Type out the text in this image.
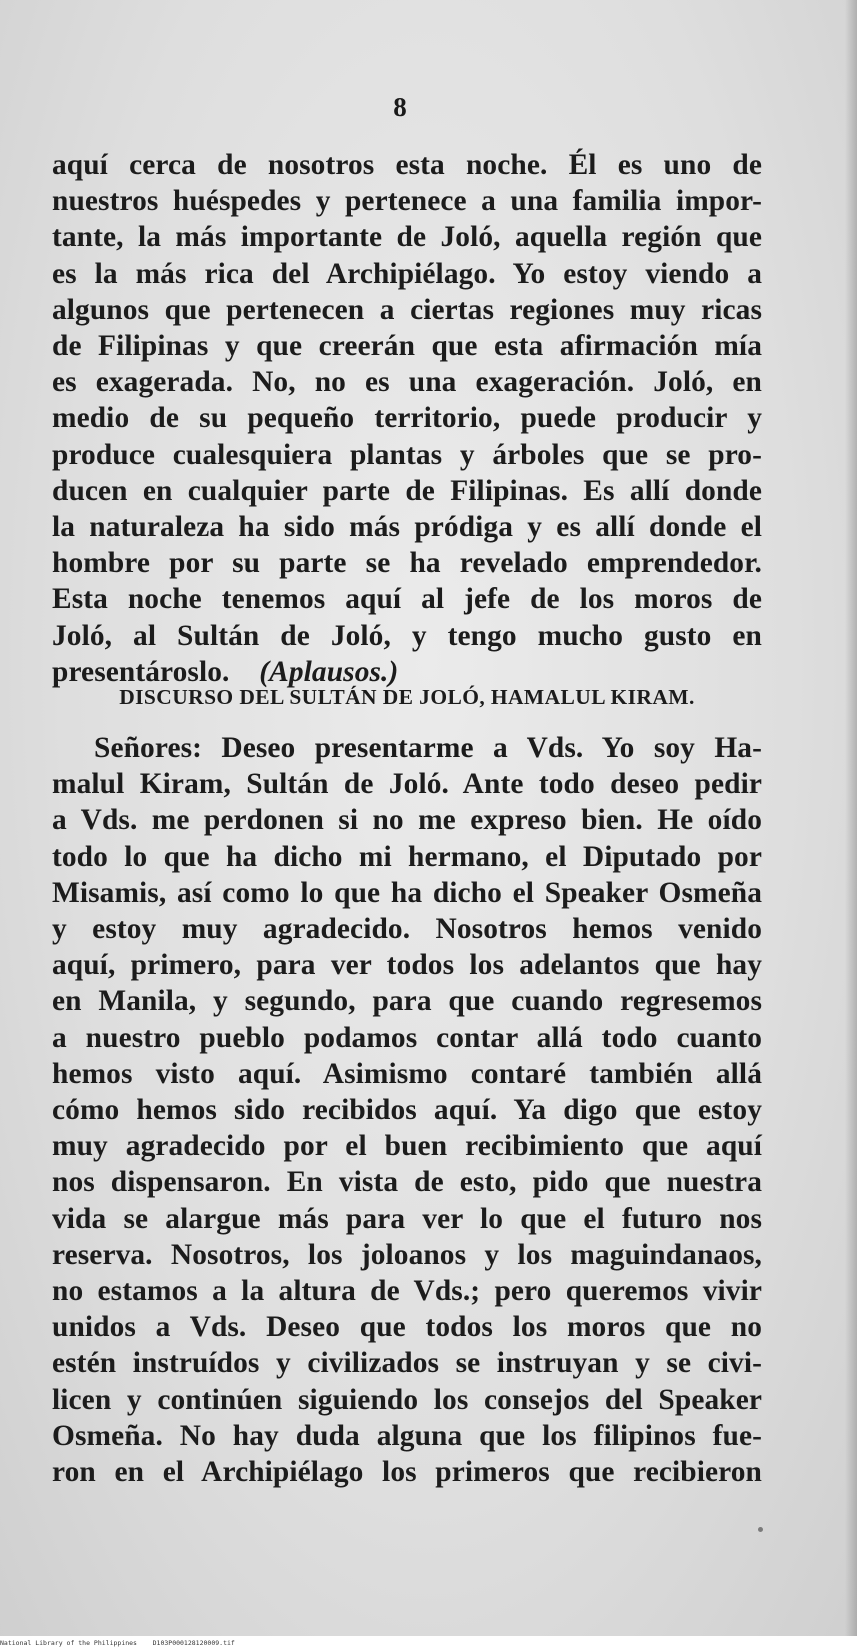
8
aquí cerca de nosotros esta noche. Él es uno de
nuestros huéspedes y pertenece a una familia impor-
tante, la más importante de Joló, aquella región que
es la más rica del Archipiélago. Yo estoy viendo a
algunos que pertenecen a ciertas regiones muy ricas
de Filipinas y que creerán que esta afirmación mía
es exagerada. No, no es una exageración. Joló, en
medio de su pequeño territorio, puede producir y
produce cualesquiera plantas y árboles que se pro-
ducen en cualquier parte de Filipinas. Es allí donde
la naturaleza ha sido más pródiga y es allí donde el
hombre por su parte se ha revelado emprendedor.
Esta noche tenemos aquí al jefe de los moros de
Joló, al Sultán de Joló, y tengo mucho gusto en
presentároslo. (Aplausos.)
DISCURSO DEL SULTÁN DE JOLÓ, HAMALUL KIRAM.
Señores: Deseo presentarme a Vds. Yo soy Ha-
malul Kiram, Sultán de Joló. Ante todo deseo pedir
a Vds. me perdonen si no me expreso bien. He oído
todo lo que ha dicho mi hermano, el Diputado por
Misamis, así como lo que ha dicho el Speaker Osmeña
y estoy muy agradecido. Nosotros hemos venido
aquí, primero, para ver todos los adelantos que hay
en Manila, y segundo, para que cuando regresemos
a nuestro pueblo podamos contar allá todo cuanto
hemos visto aquí. Asimismo contaré también allá
cómo hemos sido recibidos aquí. Ya digo que estoy
muy agradecido por el buen recibimiento que aquí
nos dispensaron. En vista de esto, pido que nuestra
vida se alargue más para ver lo que el futuro nos
reserva. Nosotros, los joloanos y los maguindanaos,
no estamos a la altura de Vds.; pero queremos vivir
unidos a Vds. Deseo que todos los moros que no
estén instruídos y civilizados se instruyan y se civi-
licen y continúen siguiendo los consejos del Speaker
Osmeña. No hay duda alguna que los filipinos fue-
ron en el Archipiélago los primeros que recibieron
National Library of the Philippines D103P000128120009.tif
